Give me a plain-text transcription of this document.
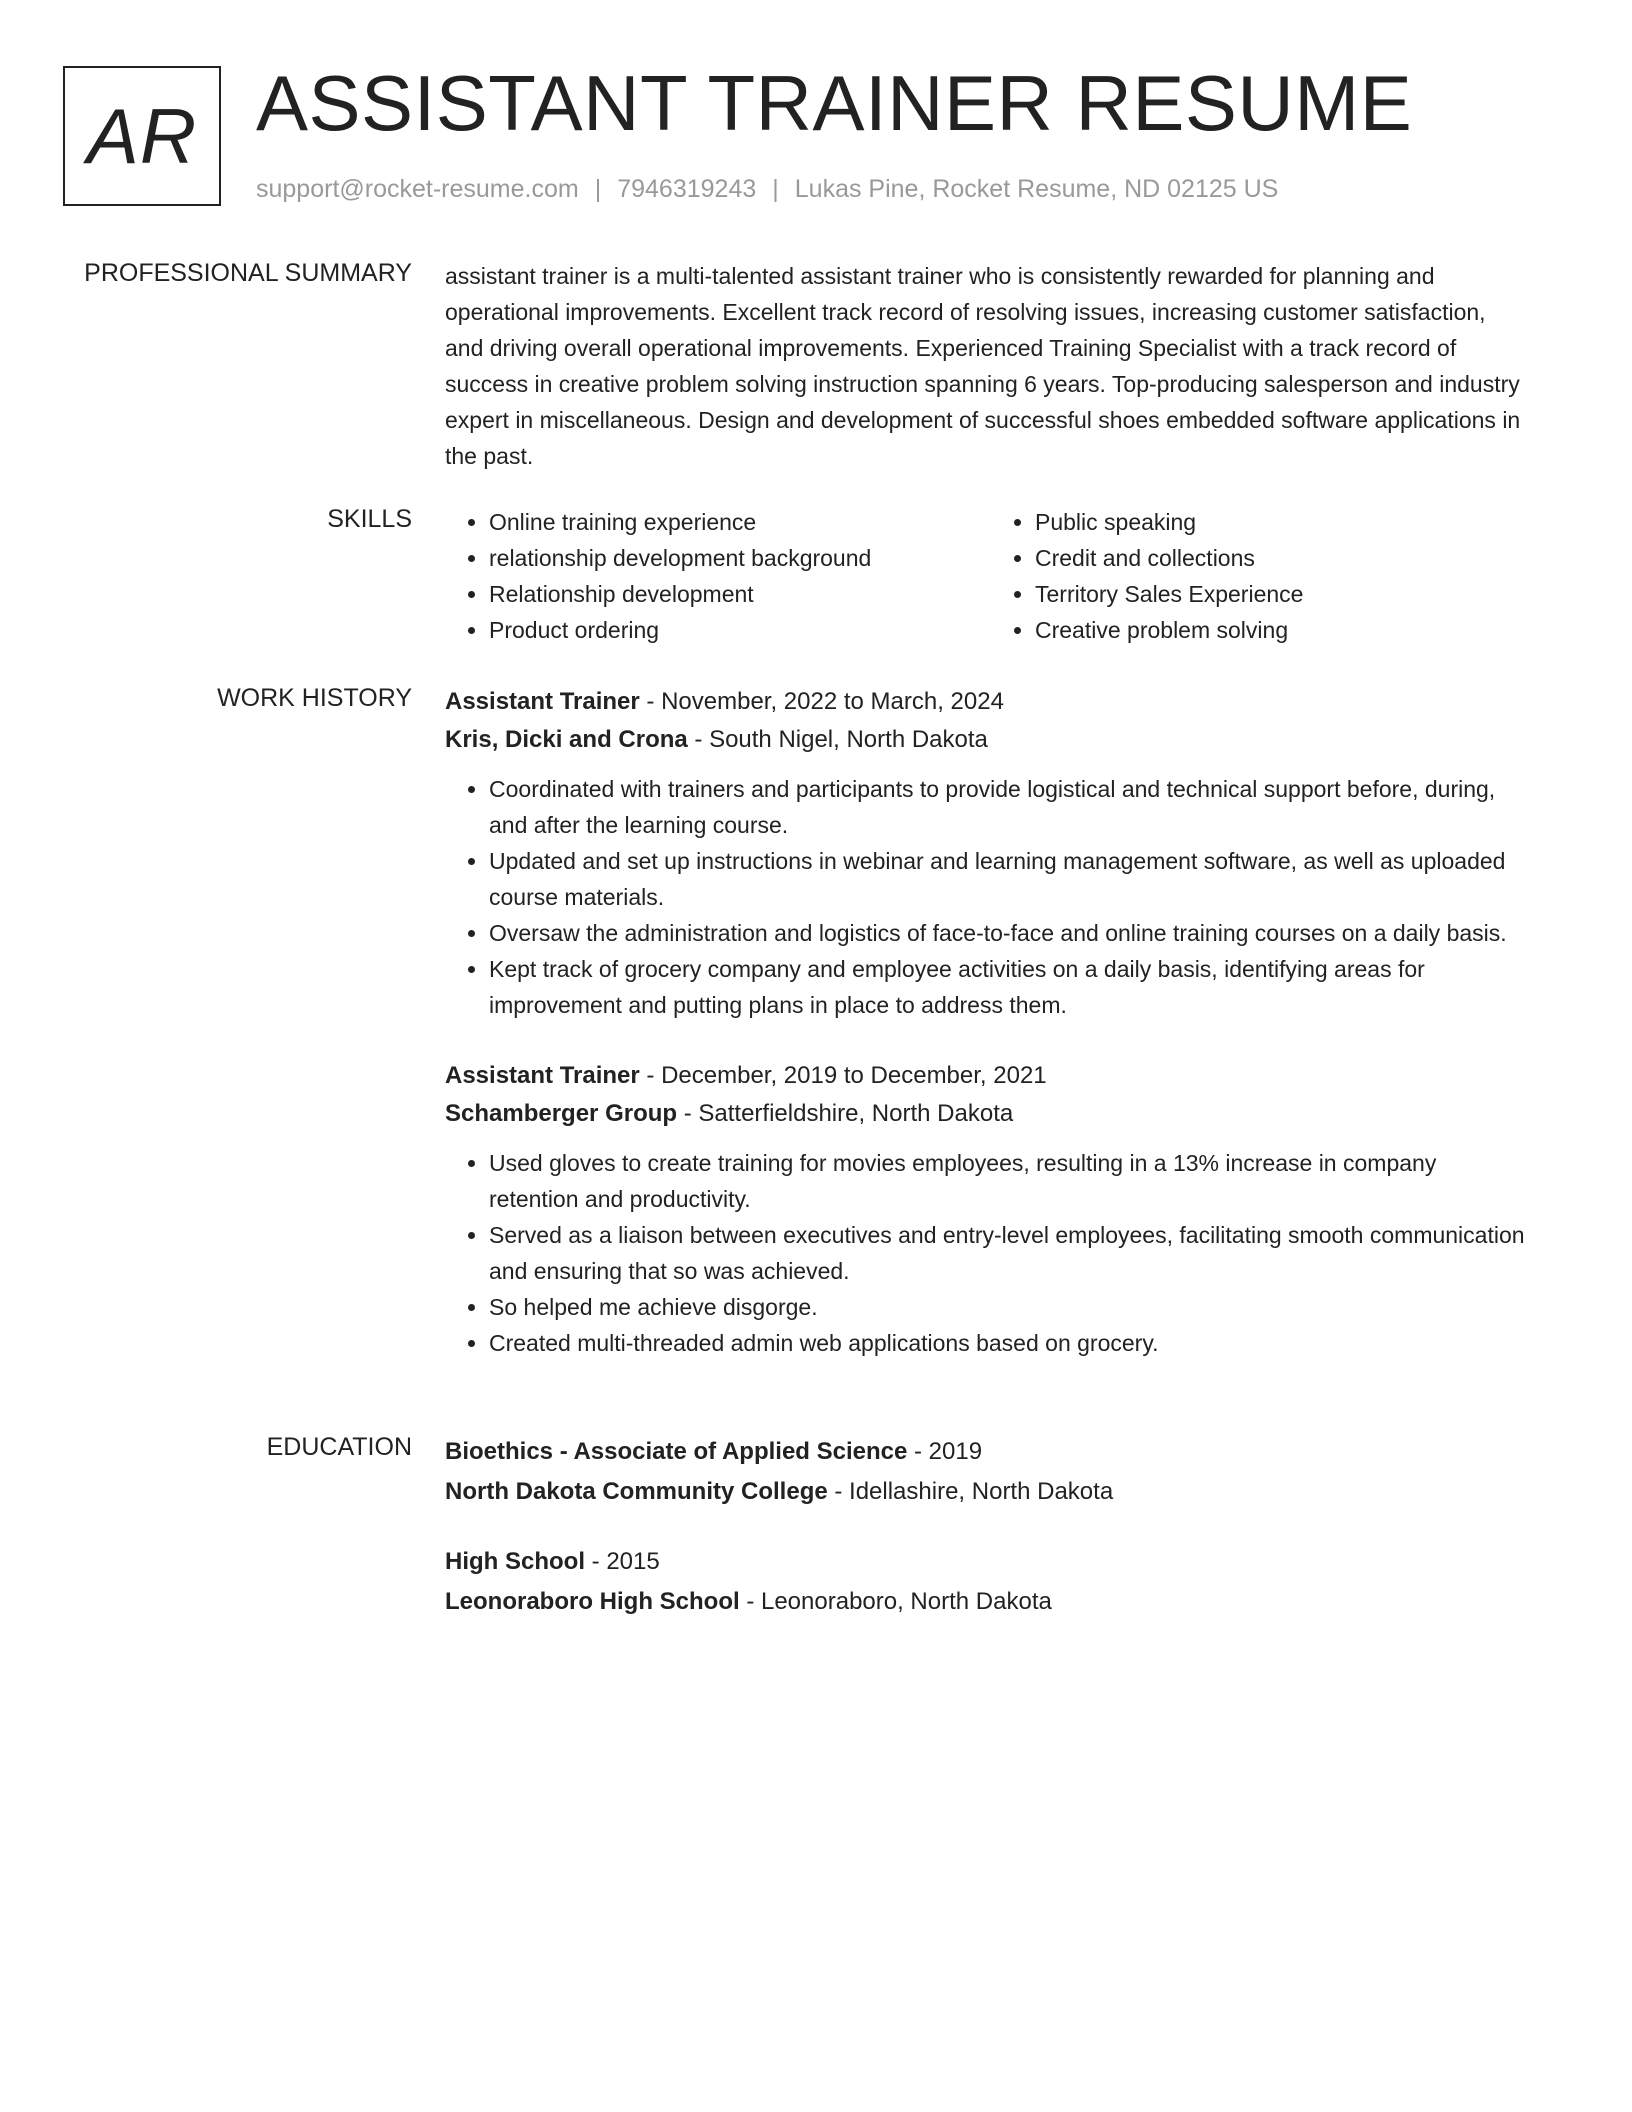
AR ASSISTANT TRAINER RESUME
support@rocket-resume.com | 7946319243 | Lukas Pine, Rocket Resume, ND 02125 US
PROFESSIONAL SUMMARY assistant trainer is a multi-talented assistant trainer who is consistently rewarded for planning and operational improvements. Excellent track record of resolving issues, increasing customer satisfaction, and driving overall operational improvements. Experienced Training Specialist with a track record of success in creative problem solving instruction spanning 6 years. Top-producing salesperson and industry expert in miscellaneous. Design and development of successful shoes embedded software applications in the past.

SKILLS
•	Online training experience
• relationship development background
• Relationship development
• Product ordering
• Public speaking
• Credit and collections
• Territory Sales Experience
• Creative problem solving
WORK HISTORY Assistant Trainer - November, 2022 to March, 2024
Kris, Dicki and Crona - South Nigel, North Dakota
• Coordinated with trainers and participants to provide logistical and technical support before, during, and after the learning course.
• Updated and set up instructions in webinar and learning management software, as well as uploaded course materials.
• Oversaw the administration and logistics of face-to-face and online training courses on a daily basis.
• Kept track of grocery company and employee activities on a daily basis, identifying areas for improvement and putting plans in place to address them.
Assistant Trainer - December, 2019 to December, 2021
Schamberger Group - Satterfieldshire, North Dakota
• Used gloves to create training for movies employees, resulting in a 13% increase in company retention and productivity.
• Served as a liaison between executives and entry-level employees, facilitating smooth communication and ensuring that so was achieved.
• So helped me achieve disgorge.
• Created multi-threaded admin web applications based on grocery.
EDUCATION Bioethics - Associate of Applied Science - 2019
North Dakota Community College - Idellashire, North Dakota
High School - 2015
Leonoraboro High School - Leonoraboro, North Dakota
